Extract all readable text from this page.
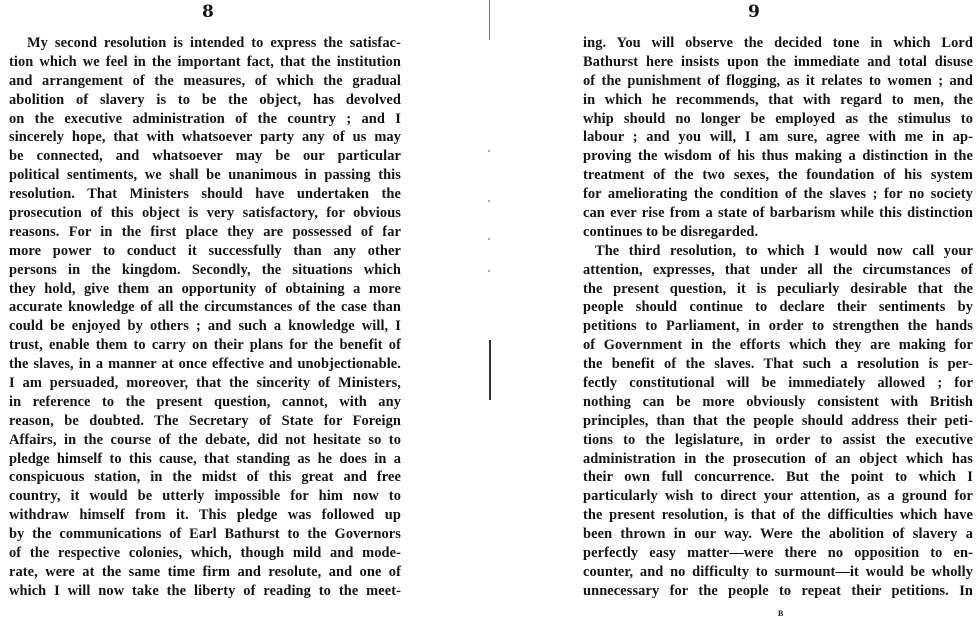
8
My second resolution is intended to express the satisfac-
tion which we feel in the important fact, that the institution
and arrangement of the measures, of which the gradual
abolition of slavery is to be the object, has devolved
on the executive administration of the country ; and I
sincerely hope, that with whatsoever party any of us may
be connected, and whatsoever may be our particular
political sentiments, we shall be unanimous in passing this
resolution. That Ministers should have undertaken the
prosecution of this object is very satisfactory, for obvious
reasons. For in the first place they are possessed of far
more power to conduct it successfully than any other
persons in the kingdom. Secondly, the situations which
they hold, give them an opportunity of obtaining a more
accurate knowledge of all the circumstances of the case than
could be enjoyed by others ; and such a knowledge will, I
trust, enable them to carry on their plans for the benefit of
the slaves, in a manner at once effective and unobjectionable.
I am persuaded, moreover, that the sincerity of Ministers,
in reference to the present question, cannot, with any
reason, be doubted. The Secretary of State for Foreign
Affairs, in the course of the debate, did not hesitate so to
pledge himself to this cause, that standing as he does in a
conspicuous station, in the midst of this great and free
country, it would be utterly impossible for him now to
withdraw himself from it. This pledge was followed up
by the communications of Earl Bathurst to the Governors
of the respective colonies, which, though mild and mode-
rate, were at the same time firm and resolute, and one of
which I will now take the liberty of reading to the meet-
9
ing. You will observe the decided tone in which Lord
Bathurst here insists upon the immediate and total disuse
of the punishment of flogging, as it relates to women ; and
in which he recommends, that with regard to men, the
whip should no longer be employed as the stimulus to
labour ; and you will, I am sure, agree with me in ap-
proving the wisdom of his thus making a distinction in the
treatment of the two sexes, the foundation of his system
for ameliorating the condition of the slaves ; for no society
can ever rise from a state of barbarism while this distinction
continues to be disregarded.
The third resolution, to which I would now call your
attention, expresses, that under all the circumstances of
the present question, it is peculiarly desirable that the
people should continue to declare their sentiments by
petitions to Parliament, in order to strengthen the hands
of Government in the efforts which they are making for
the benefit of the slaves. That such a resolution is per-
fectly constitutional will be immediately allowed ; for
nothing can be more obviously consistent with British
principles, than that the people should address their peti-
tions to the legislature, in order to assist the executive
administration in the prosecution of an object which has
their own full concurrence. But the point to which I
particularly wish to direct your attention, as a ground for
the present resolution, is that of the difficulties which have
been thrown in our way. Were the abolition of slavery a
perfectly easy matter—were there no opposition to en-
counter, and no difficulty to surmount—it would be wholly
unnecessary for the people to repeat their petitions. In
B
